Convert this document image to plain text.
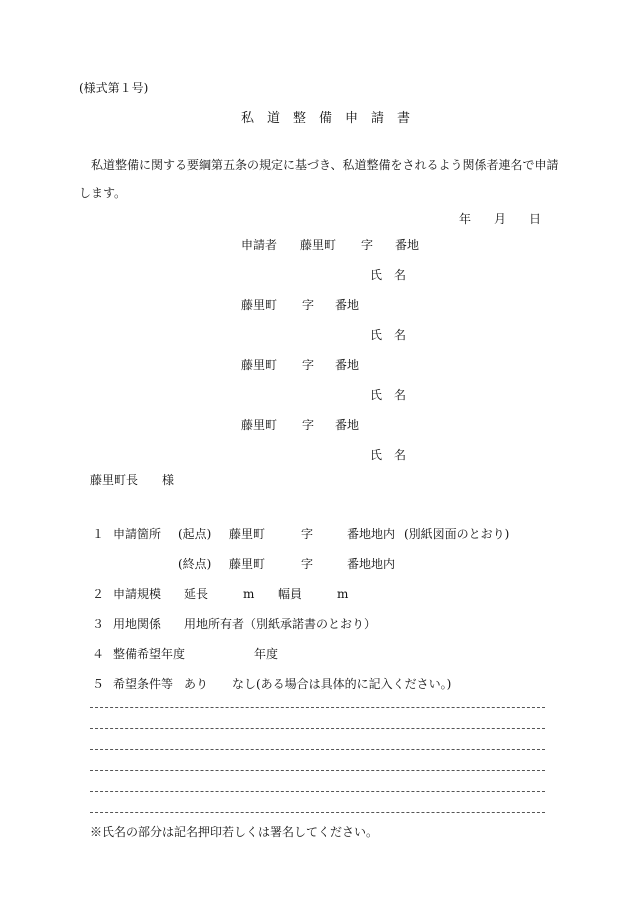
(様式第１号)
私　道　整　備　申　請　書
私道整備に関する要綱第五条の規定に基づき、私道整備をされるよう関係者連名で申請
します。
年 月 日
申請者 藤里町 字 番地
氏　名
藤里町 字 番地
氏　名
藤里町 字 番地
氏　名
藤里町 字 番地
氏　名
藤里町長　　様
１ 申請箇所 (起点) 藤里町	字	番地地内 (別紙図面のとおり)
(終点) 藤里町	字	番地地内
２ 申請規模 延長	m 幅員	m
３ 用地関係 用地所有者（別紙承諾書のとおり）
４ 整備希望年度	年度
５ 希望条件等 あり なし(ある場合は具体的に記入ください。)
※氏名の部分は記名押印若しくは署名してください。
